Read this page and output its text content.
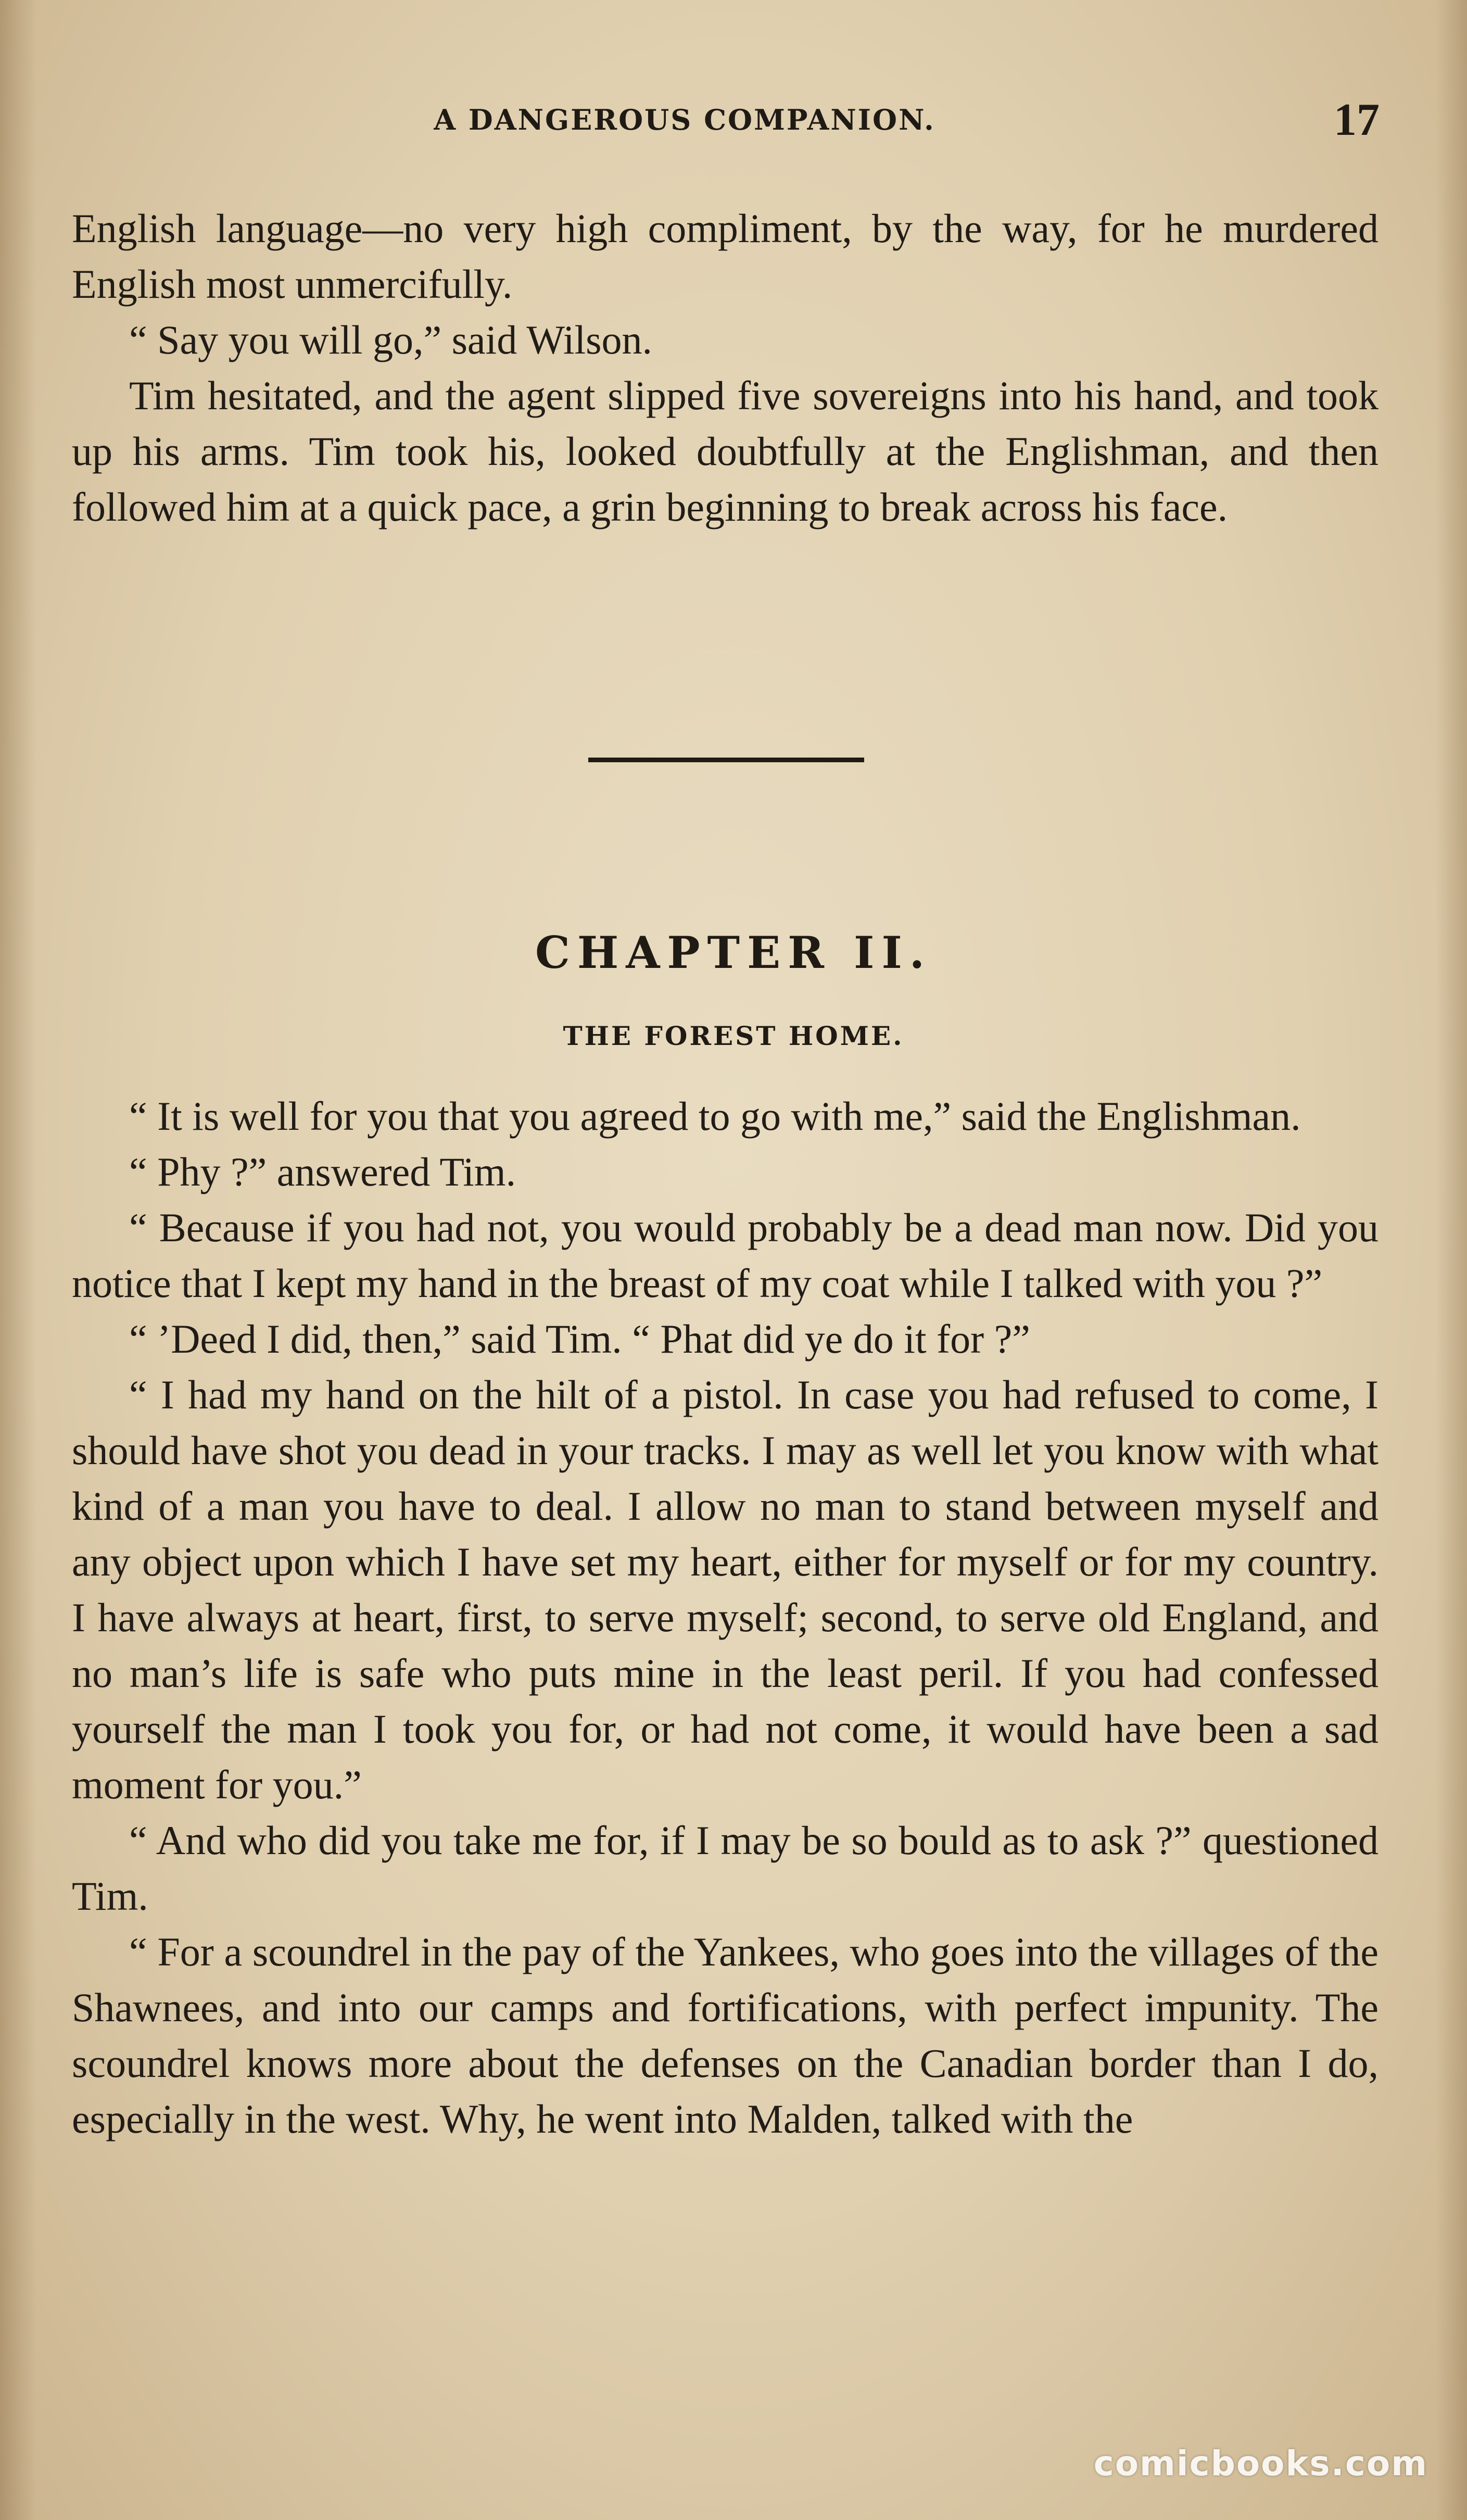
A DANGEROUS COMPANION.	17

English language—no very high compliment, by the way, for he murdered English most unmercifully.

“ Say you will go,” said Wilson.

Tim hesitated, and the agent slipped five sovereigns into his hand, and took up his arms. Tim took his, looked doubtfully at the Englishman, and then followed him at a quick pace, a grin beginning to break across his face.

CHAPTER II.
THE FOREST HOME.

“ It is well for you that you agreed to go with me,” said the Englishman.

“ Phy ?” answered Tim.

“ Because if you had not, you would probably be a dead man now. Did you notice that I kept my hand in the breast of my coat while I talked with you ?”

“ ’Deed I did, then,” said Tim. “ Phat did ye do it for ?”

“ I had my hand on the hilt of a pistol. In case you had refused to come, I should have shot you dead in your tracks. I may as well let you know with what kind of a man you have to deal. I allow no man to stand between myself and any object upon which I have set my heart, either for myself or for my country. I have always at heart, first, to serve myself; second, to serve old England, and no man’s life is safe who puts mine in the least peril. If you had confessed yourself the man I took you for, or had not come, it would have been a sad moment for you.”

“ And who did you take me for, if I may be so bould as to ask ?” questioned Tim.

“ For a scoundrel in the pay of the Yankees, who goes into the villages of the Shawnees, and into our camps and fortifications, with perfect impunity. The scoundrel knows more about the defenses on the Canadian border than I do, especially in the west. Why, he went into Malden, talked with the

comicbooks.com
